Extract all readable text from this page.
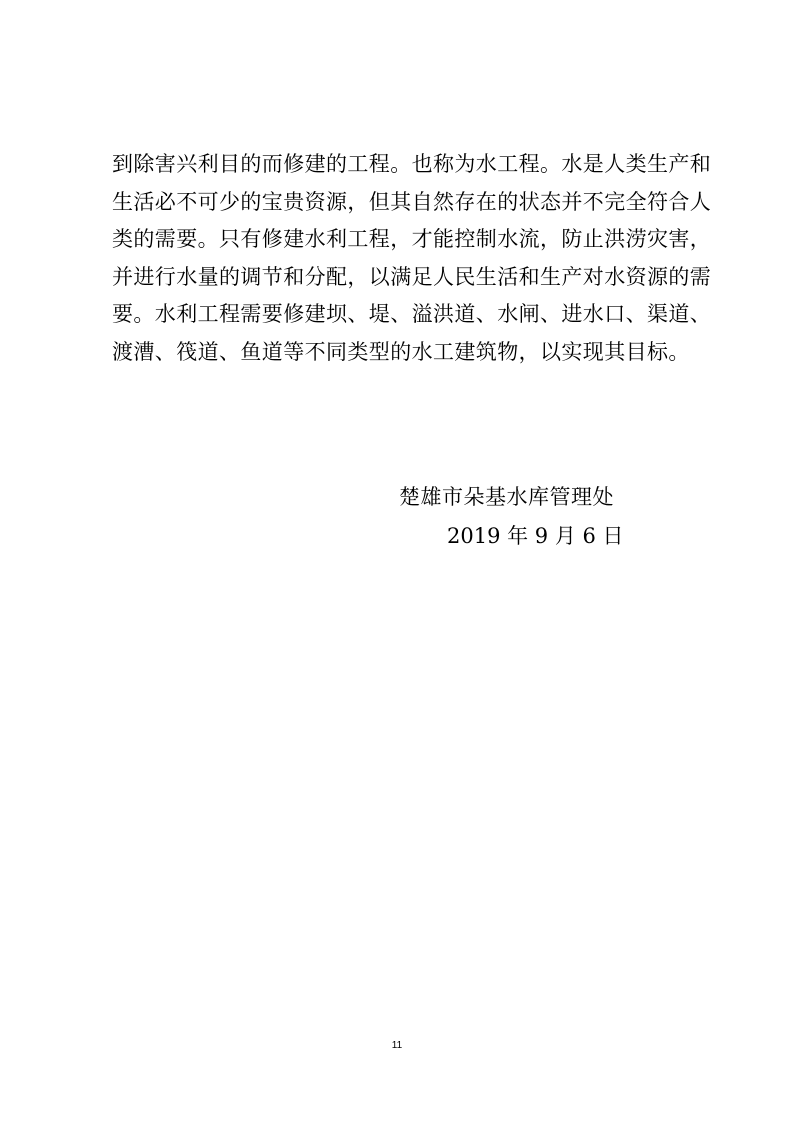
到除害兴利目的而修建的工程。也称为水工程。水是人类生产和
生活必不可少的宝贵资源，但其自然存在的状态并不完全符合人
类的需要。只有修建水利工程，才能控制水流，防止洪涝灾害，
并进行水量的调节和分配，以满足人民生活和生产对水资源的需
要。水利工程需要修建坝、堤、溢洪道、水闸、进水口、渠道、
渡漕、筏道、鱼道等不同类型的水工建筑物，以实现其目标。
楚雄市朵基水库管理处
2019 年 9 月 6 日
11
